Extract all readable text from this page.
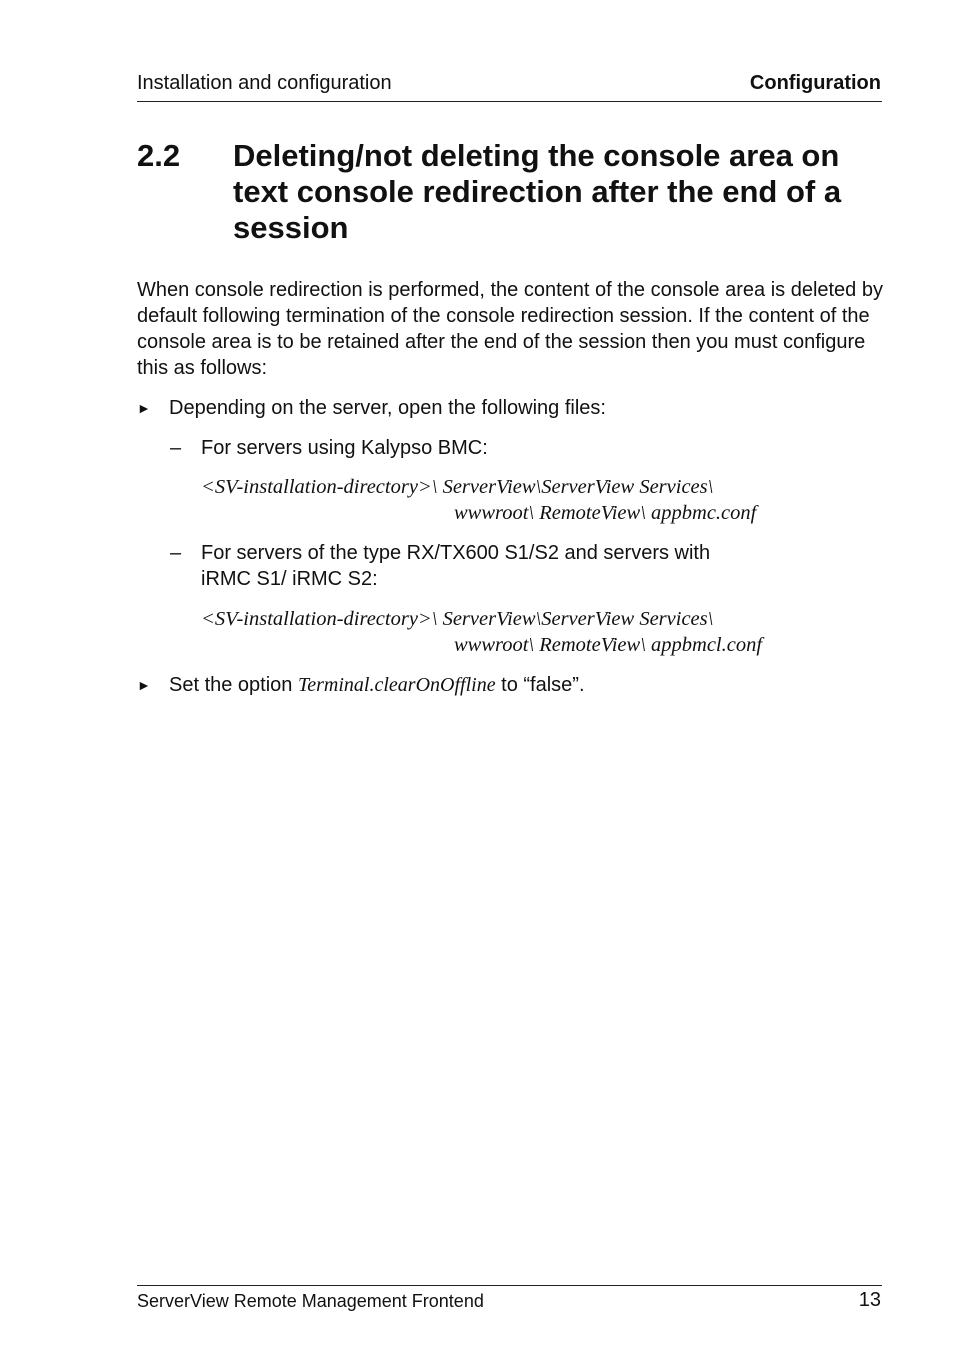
Installation and configuration	Configuration
2.2 Deleting/not deleting the console area on text console redirection after the end of a session
When console redirection is performed, the content of the console area is deleted by default following termination of the console redirection session. If the content of the console area is to be retained after the end of the session then you must configure this as follows:
► Depending on the server, open the following files:
– For servers using Kalypso BMC:
<SV-installation-directory>\ ServerView\ServerView Services\
wwwroot\ RemoteView\ appbmc.conf
– For servers of the type RX/TX600 S1/S2 and servers with
iRMC S1/ iRMC S2:
<SV-installation-directory>\ ServerView\ServerView Services\
wwwroot\ RemoteView\ appbmcl.conf
► Set the option Terminal.clearOnOffline to “false”.
ServerView Remote Management Frontend	13
